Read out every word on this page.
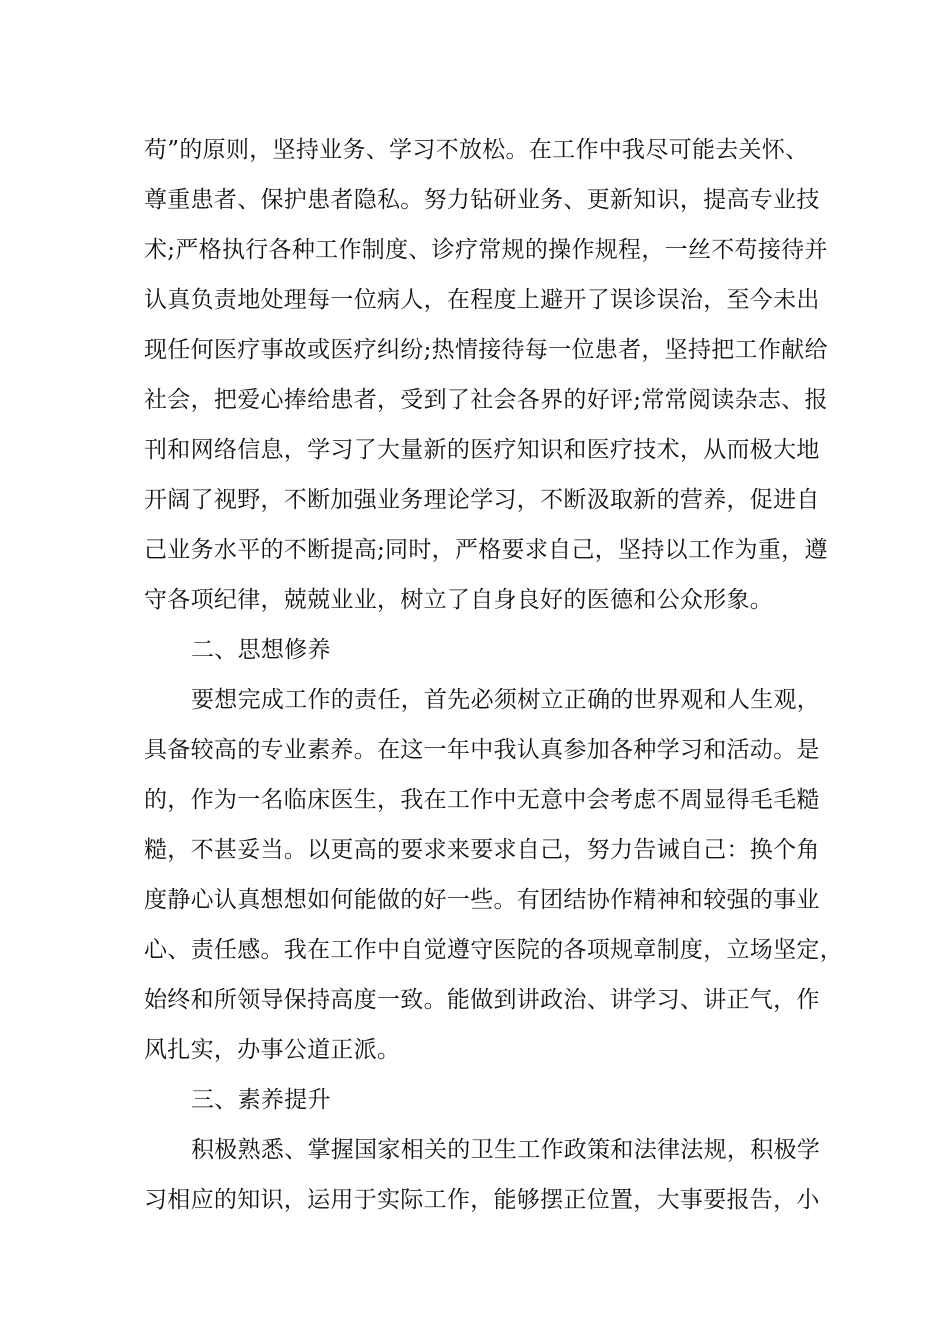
苟”的原则，坚持业务、学习不放松。在工作中我尽可能去关怀、
尊重患者、保护患者隐私。努力钻研业务、更新知识，提高专业技
术;严格执行各种工作制度、诊疗常规的操作规程，一丝不苟接待并
认真负责地处理每一位病人，在程度上避开了误诊误治，至今未出
现任何医疗事故或医疗纠纷;热情接待每一位患者，坚持把工作献给
社会，把爱心捧给患者，受到了社会各界的好评;常常阅读杂志、报
刊和网络信息，学习了大量新的医疗知识和医疗技术，从而极大地
开阔了视野，不断加强业务理论学习，不断汲取新的营养，促进自
己业务水平的不断提高;同时，严格要求自己，坚持以工作为重，遵
守各项纪律，兢兢业业，树立了自身良好的医德和公众形象。
二、思想修养
要想完成工作的责任，首先必须树立正确的世界观和人生观，
具备较高的专业素养。在这一年中我认真参加各种学习和活动。是
的，作为一名临床医生，我在工作中无意中会考虑不周显得毛毛糙
糙，不甚妥当。以更高的要求来要求自己，努力告诫自己：换个角
度静心认真想想如何能做的好一些。有团结协作精神和较强的事业
心、责任感。我在工作中自觉遵守医院的各项规章制度，立场坚定，
始终和所领导保持高度一致。能做到讲政治、讲学习、讲正气，作
风扎实，办事公道正派。
三、素养提升
积极熟悉、掌握国家相关的卫生工作政策和法律法规，积极学
习相应的知识，运用于实际工作，能够摆正位置，大事要报告，小
